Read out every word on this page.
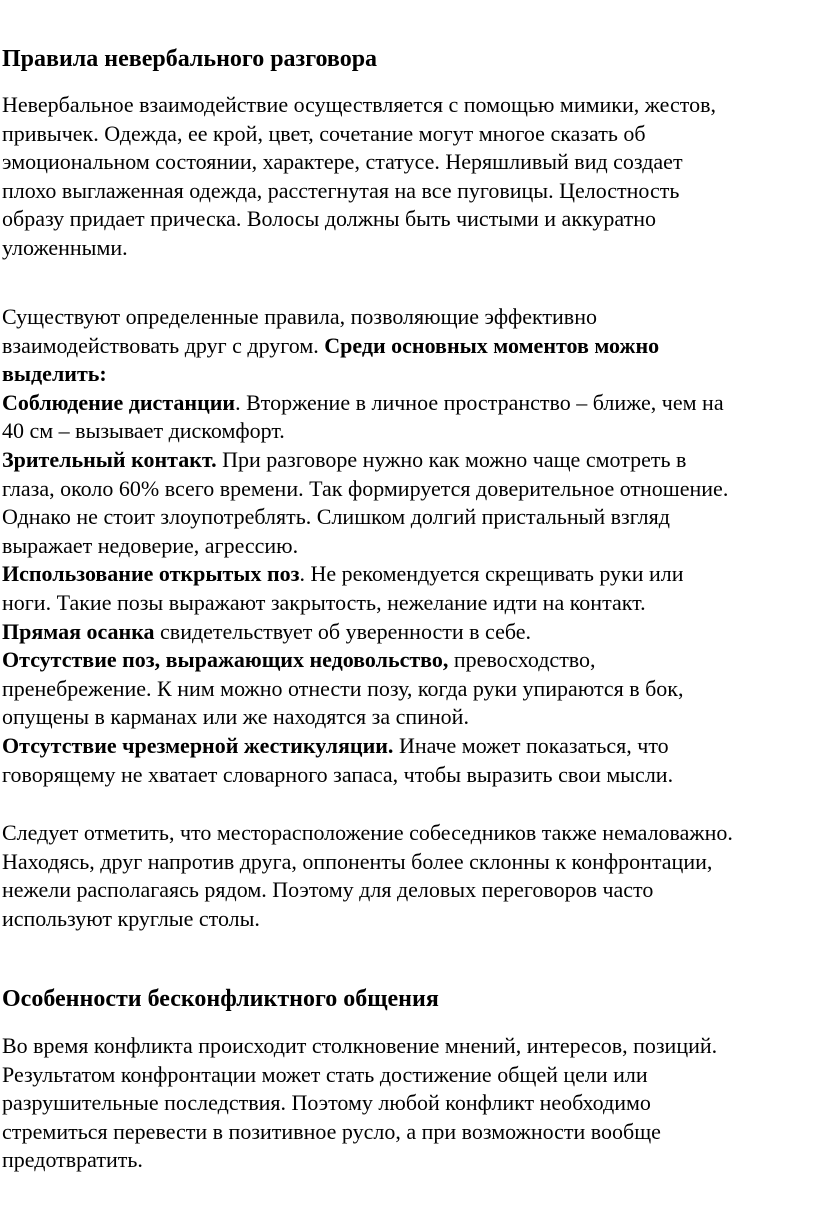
Правила невербального разговора

Невербальное взаимодействие осуществляется с помощью мимики, жестов,
привычек. Одежда, ее крой, цвет, сочетание могут многое сказать об
эмоциональном состоянии, характере, статусе. Неряшливый вид создает
плохо выглаженная одежда, расстегнутая на все пуговицы. Целостность
образу придает прическа. Волосы должны быть чистыми и аккуратно
уложенными.

Существуют определенные правила, позволяющие эффективно
взаимодействовать друг с другом. Среди основных моментов можно
выделить:
Соблюдение дистанции. Вторжение в личное пространство – ближе, чем на
40 см – вызывает дискомфорт.
Зрительный контакт. При разговоре нужно как можно чаще смотреть в
глаза, около 60% всего времени. Так формируется доверительное отношение.
Однако не стоит злоупотреблять. Слишком долгий пристальный взгляд
выражает недоверие, агрессию.
Использование открытых поз. Не рекомендуется скрещивать руки или
ноги. Такие позы выражают закрытость, нежелание идти на контакт.
Прямая осанка свидетельствует об уверенности в себе.
Отсутствие поз, выражающих недовольство, превосходство,
пренебрежение. К ним можно отнести позу, когда руки упираются в бок,
опущены в карманах или же находятся за спиной.
Отсутствие чрезмерной жестикуляции. Иначе может показаться, что
говорящему не хватает словарного запаса, чтобы выразить свои мысли.

Следует отметить, что месторасположение собеседников также немаловажно.
Находясь, друг напротив друга, оппоненты более склонны к конфронтации,
нежели располагаясь рядом. Поэтому для деловых переговоров часто
используют круглые столы.

Особенности бесконфликтного общения

Во время конфликта происходит столкновение мнений, интересов, позиций.
Результатом конфронтации может стать достижение общей цели или
разрушительные последствия. Поэтому любой конфликт необходимо
стремиться перевести в позитивное русло, а при возможности вообще
предотвратить.
